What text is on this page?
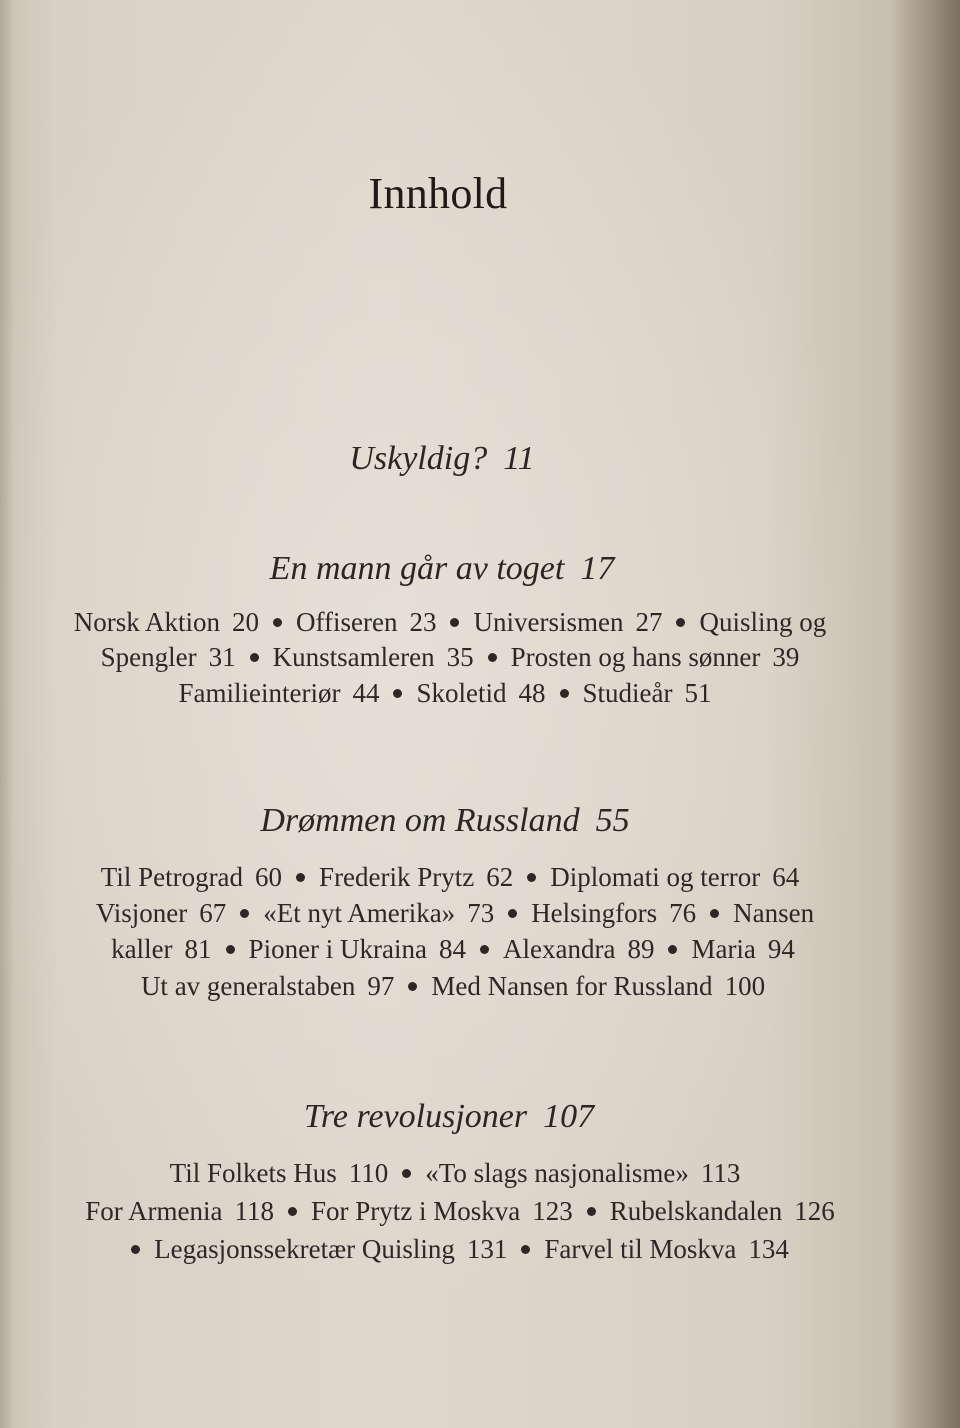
Innhold
Uskyldig? 11
En mann går av toget 17
Norsk Aktion 20 Offiseren 23 Universismen 27 Quisling og
Spengler 31 Kunstsamleren 35 Prosten og hans sønner 39
Familieinteriør 44 Skoletid 48 Studieår 51
Drømmen om Russland 55
Til Petrograd 60 Frederik Prytz 62 Diplomati og terror 64
Visjoner 67 «Et nyt Amerika» 73 Helsingfors 76 Nansen
kaller 81 Pioner i Ukraina 84 Alexandra 89 Maria 94
Ut av generalstaben 97 Med Nansen for Russland 100
Tre revolusjoner 107
Til Folkets Hus 110 «To slags nasjonalisme» 113
For Armenia 118 For Prytz i Moskva 123 Rubelskandalen 126
Legasjonssekretær Quisling 131 Farvel til Moskva 134
